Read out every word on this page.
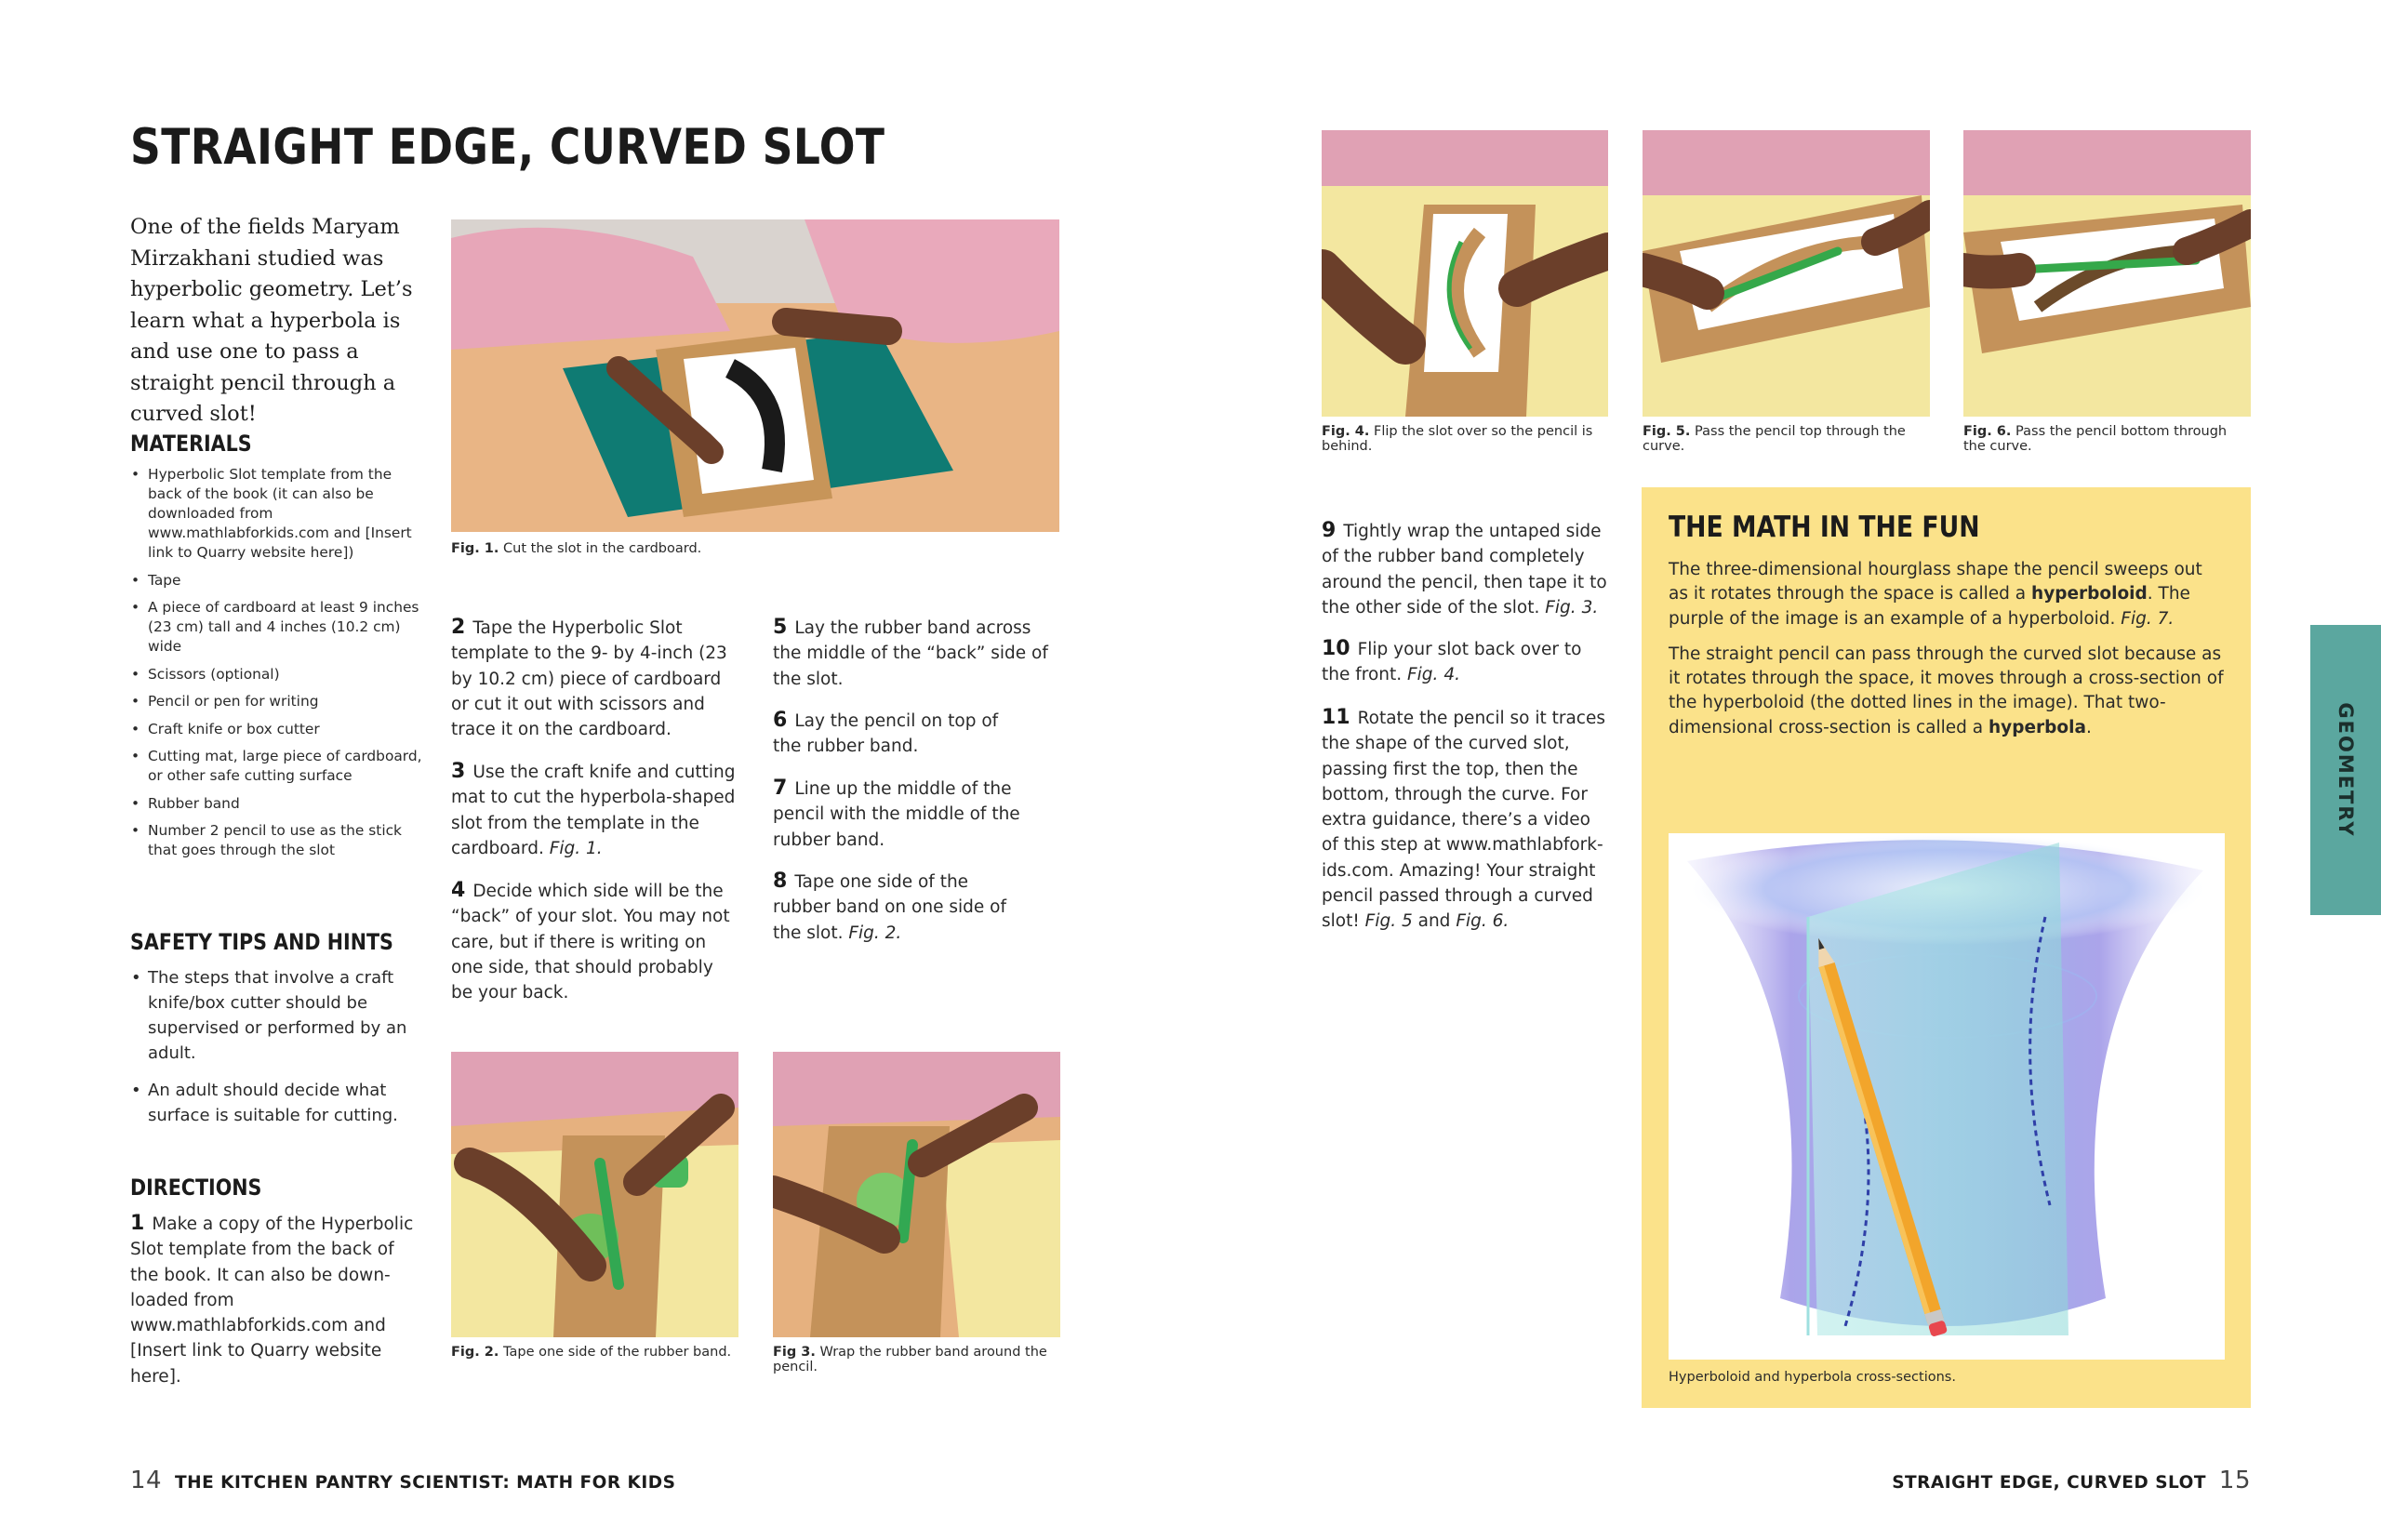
STRAIGHT EDGE, CURVED SLOT
One of the fields Maryam Mirzakhani studied was hyperbolic geometry. Let’s learn what a hyperbola is and use one to pass a straight pencil through a curved slot!
MATERIALS
• Hyperbolic Slot template from the back of the book (it can also be downloaded from www.mathlabforkids.com and [Insert link to Quarry website here])
• Tape
• A piece of cardboard at least 9 inches (23 cm) tall and 4 inches (10.2 cm) wide
• Scissors (optional)
• Pencil or pen for writing
• Craft knife or box cutter
• Cutting mat, large piece of cardboard, or other safe cutting surface
• Rubber band
• Number 2 pencil to use as the stick that goes through the slot
SAFETY TIPS AND HINTS
• The steps that involve a craft knife/box cutter should be supervised or performed by an adult.
• An adult should decide what surface is suitable for cutting.
DIRECTIONS
1 Make a copy of the Hyperbolic Slot template from the back of the book. It can also be down-loaded from www.mathlabforkids.com and [Insert link to Quarry website here].
Fig. 1. Cut the slot in the cardboard.
2 Tape the Hyperbolic Slot template to the 9- by 4-inch (23 by 10.2 cm) piece of cardboard or cut it out with scissors and trace it on the cardboard.
3 Use the craft knife and cutting mat to cut the hyperbola-shaped slot from the template in the cardboard. Fig. 1.
4 Decide which side will be the “back” of your slot. You may not care, but if there is writing on one side, that should probably be your back.
5 Lay the rubber band across the middle of the “back” side of the slot.
6 Lay the pencil on top of the rubber band.
7 Line up the middle of the pencil with the middle of the rubber band.
8 Tape one side of the rubber band on one side of the slot. Fig. 2.
Fig. 2. Tape one side of the rubber band.	Fig 3. Wrap the rubber band around the pencil.
14 THE KITCHEN PANTRY SCIENTIST: MATH FOR KIDS
Fig. 4. Flip the slot over so the pencil is behind.
Fig. 5. Pass the pencil top through the curve.
Fig. 6. Pass the pencil bottom through the curve.
9 Tightly wrap the untaped side of the rubber band completely around the pencil, then tape it to the other side of the slot. Fig. 3.
10 Flip your slot back over to the front. Fig. 4.
11 Rotate the pencil so it traces the shape of the curved slot, passing first the top, then the bottom, through the curve. For extra guidance, there’s a video of this step at www.mathlabfork-ids.com. Amazing! Your straight pencil passed through a curved slot! Fig. 5 and Fig. 6.
THE MATH IN THE FUN

The three-dimensional hourglass shape the pencil sweeps out as it rotates through the space is called a hyperboloid. The purple of the image is an example of a hyperboloid. Fig. 7.

The straight pencil can pass through the curved slot because as it rotates through the space, it moves through a cross-section of the hyperboloid (the dotted lines in the image). That two-dimensional cross-section is called a hyperbola.

Hyperboloid and hyperbola cross-sections.
GEOMETRY
STRAIGHT EDGE, CURVED SLOT 15
